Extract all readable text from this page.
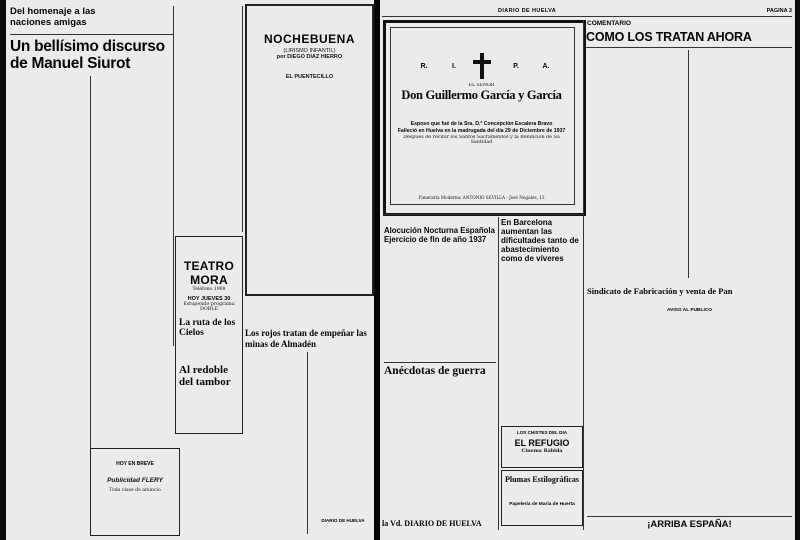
Del homenaje a las naciones amigas
Un bellísimo discurso de Manuel Siurot
NOCHEBUENA
(LIRISMO INFANTIL)
por DIEGO DIAZ HIERRO
EL PUENTECILLO
TEATRO MORA
Teléfono 1908
HOY JUEVES 30
Estupendo programa DOBLE
La ruta de los Cielos
Al redoble del tambor
Los rojos tratan de empeñar las minas de Almadén
HOY EN BREVE
Publicidad FLERY
Toda clase de anuncio
DIARIO DE HUELVA
DIARIO DE HUELVA	PAGINA 3
R.	I.	P.	A.
EL SEÑOR
Don Guillermo García y García
Esposo que fué de la Sra. D.ª Concepción Escalera Bravo
Falleció en Huelva en la madrugada del día 29 de Diciembre de 1937
Después de recibir los Santos Sacramentos y la Bendición de Su Santidad
Funeraria Moderna: ANTONIO SEVILLA - José Nogales, 13
COMENTARIO
COMO LOS TRATAN AHORA
Sindicato de Fabricación y venta de Pan
AVISO AL PUBLICO
¡ARRIBA ESPAÑA!
Alocución Nocturna Española Ejercicio de fin de año 1937
En Barcelona aumentan las dificultades tanto de abastecimiento como de víveres
Anécdotas de guerra
LOS CHISTES DEL DIA
EL REFUGIO
Cinema Rábida
Plumas Estilográficas
Papelería de María de Huerta
la Vd. DIARIO DE HUELVA
